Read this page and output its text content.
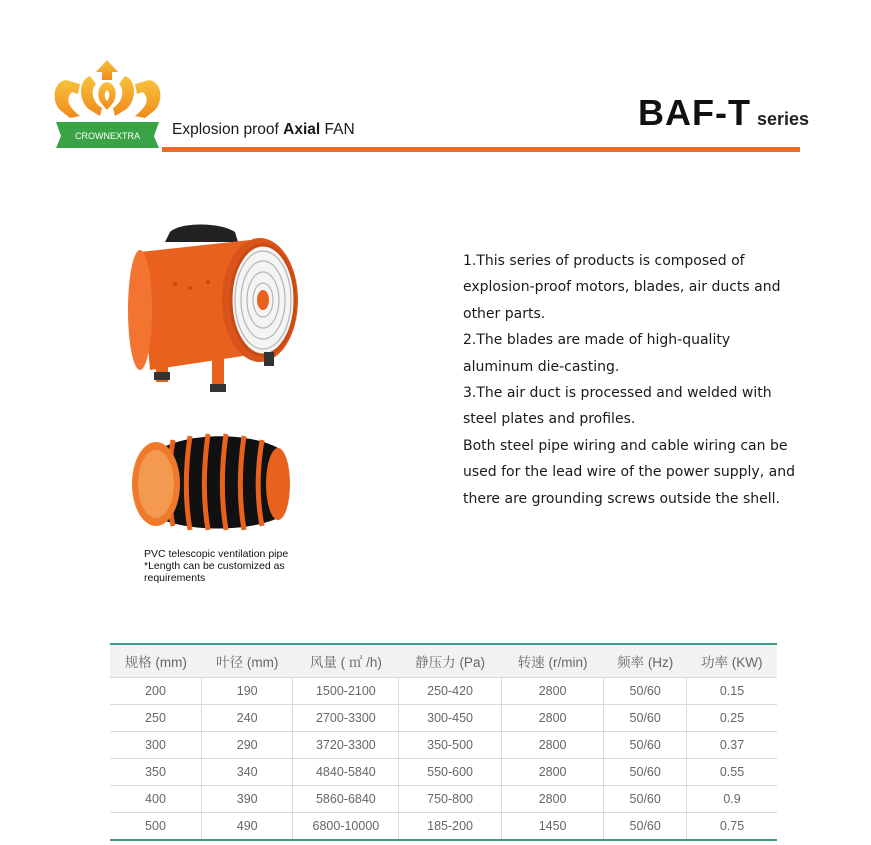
CROWNEXTRA Explosion proof Axial FAN	BAF-T series
PVC telescopic ventilation pipe
*Length can be customized as
requirements

1.This series of products is composed of explosion-proof motors, blades, air ducts and other parts.

2.The blades are made of high-quality aluminum die-casting.

3.The air duct is processed and welded with steel plates and profiles.

Both steel pipe wiring and cable wiring can be used for the lead wire of the power supply, and there are grounding screws outside the shell.

规格 (mm)	叶径 (mm)	风量 ( ㎡ /h)	静压力 (Pa)	转速 (r/min)	频率 (Hz)	功率 (KW)
200	190	1500-2100	250-420	2800	50/60	0.15
250	240	2700-3300	300-450	2800	50/60	0.25
300	290	3720-3300	350-500	2800	50/60	0.37
350	340	4840-5840	550-600	2800	50/60	0.55
400	390	5860-6840	750-800	2800	50/60	0.9
500	490	6800-10000	185-200	1450	50/60	0.75
